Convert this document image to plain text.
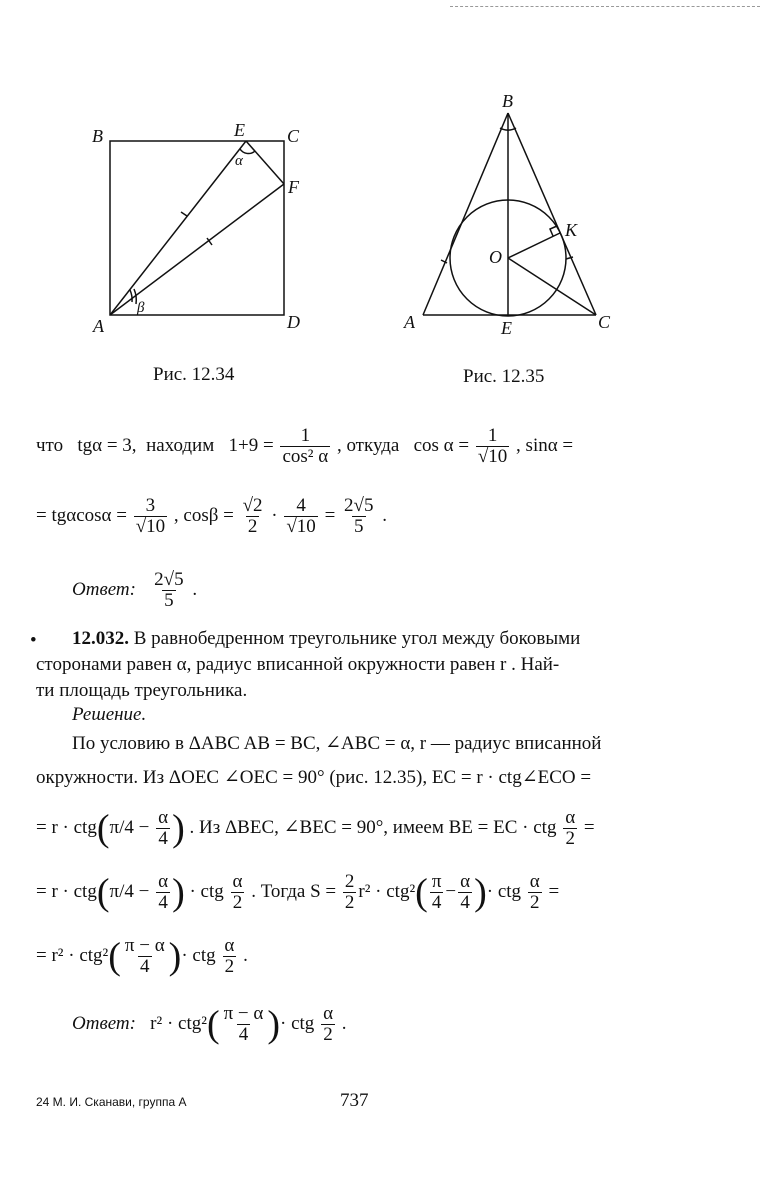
B	E C
F
A	D
α
β
B
K
O
A	E	C
Рис. 12.34	Рис. 12.35
что tgα = 3, находим $1+9 = \frac{1}{\text{cos² α}}$ , откуда $\cos \alpha = \frac{1}{√10}$ , sinα =
= $tg\alpha\cos\alpha = \frac{3}{√10}$ , $\cos\beta = \frac{√2}{2} \cdot \frac{4}{√10} = \frac{2√5}{5}$ .
Ответ: $\frac{2√5}{5}$ .
• 12.032. В равнобедренном треугольнике угол между боковыми
сторонами равен α, радиус вписанной окружности равен r . Най-
ти площадь треугольника.
Решение.
По условию в ΔABC AB = BC, ∠ABC = α, r — радиус вписанной
окружности. Из ΔOEC ∠OEC = 90° (рис. 12.35), EC = r · ctg∠ECO =
= $r \cdot ctg(\pi/4 - \frac{\alpha}{4}$ ) . Из ΔBEC, ∠BEC = 90°, имеем BE = EC · ctg $\frac{\alpha}{2}$ =
= $r \cdot ctg(\pi/4 - \frac{\alpha}{4}$ ) · ctg $\frac{\alpha}{2}$ . Тогда $S = \frac{2}{2} r^2 \cdot ctg^2( \frac{\pi}{4} - \frac{\alpha}{4}$ )· ctg $\frac{\alpha}{2}$ =
= $r^2 \cdot ctg^2( \frac{\pi - \alpha}{4}$ )· ctg $\frac{\alpha}{2}$ .
Ответ: $r^2 \cdot ctg^2( \frac{\pi - \alpha}{4}$ )· ctg $\frac{\alpha}{2}$ .
24 М. И. Сканави, группа А	737
